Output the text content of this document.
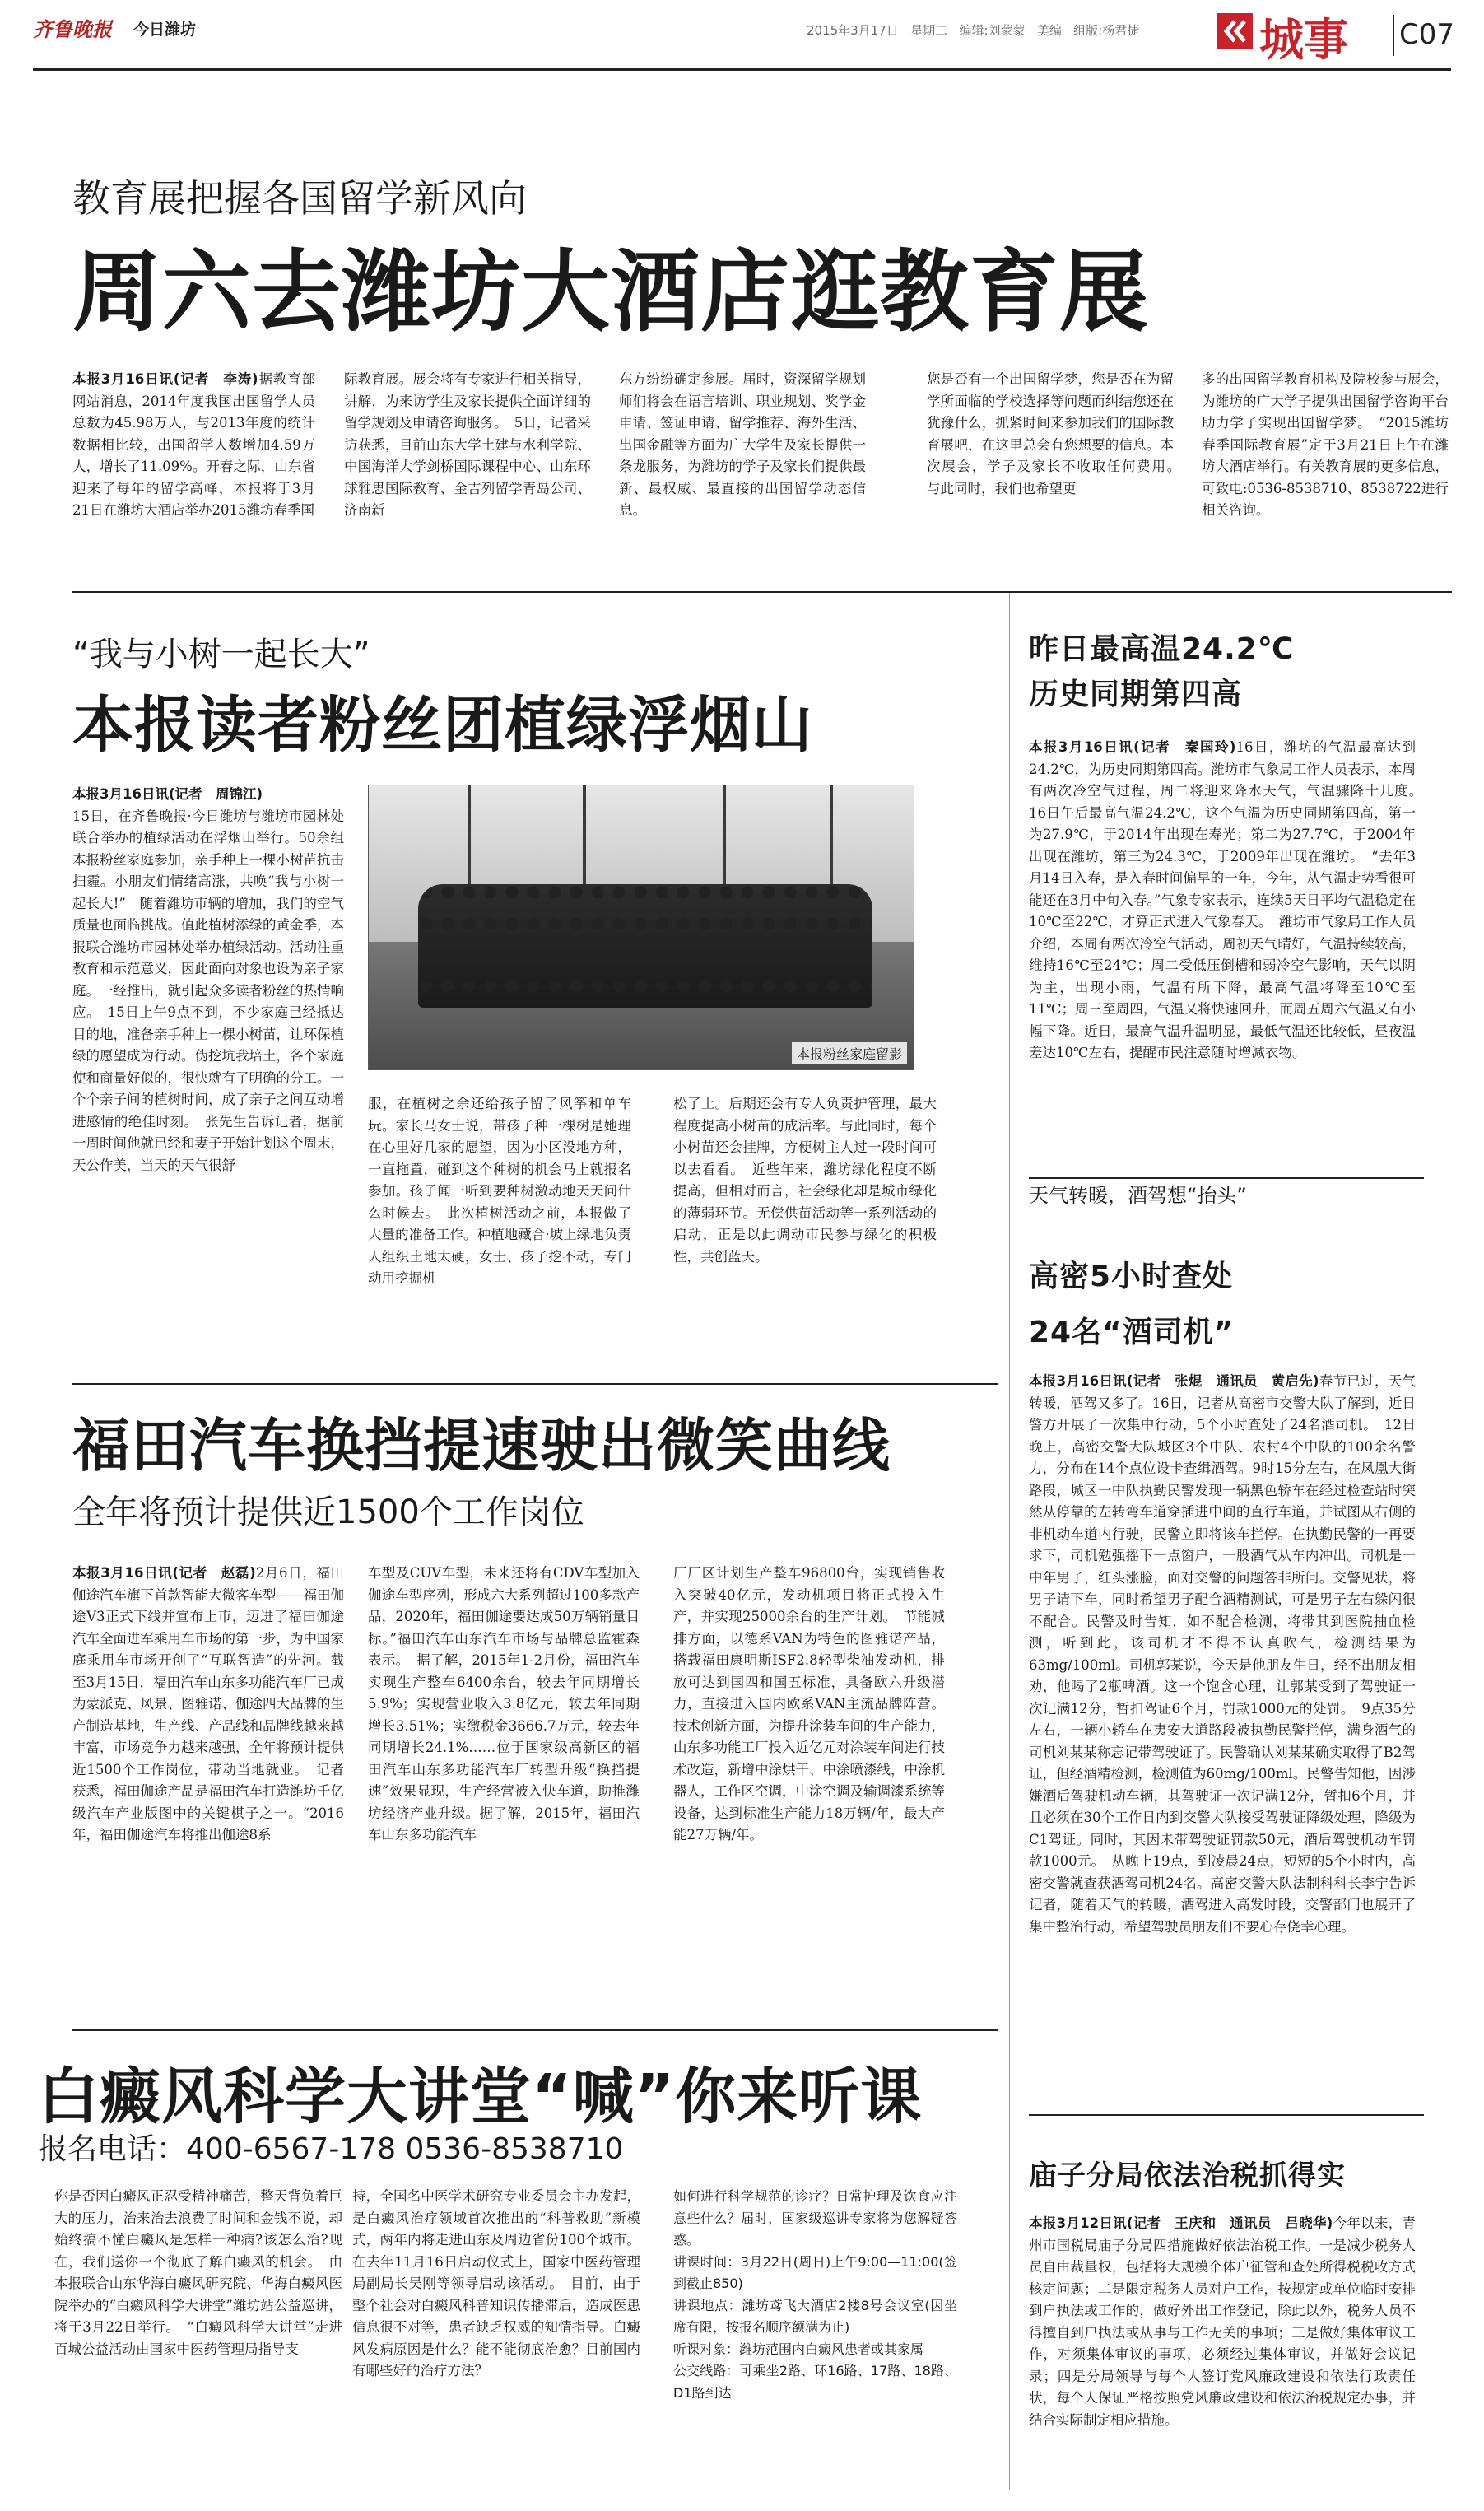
齐鲁晚报 今日潍坊	2015年3月17日 星期二 编辑:刘蒙蒙 美编 组版:杨君捷	城事 C07
教育展把握各国留学新风向
周六去潍坊大酒店逛教育展
本报3月16日讯(记者　李涛)据教育部网站消息，2014年度我国出国留学人员总数为45.98万人，与2013年度的统计数据相比较，出国留学人数增加4.59万人，增长了11.09%。开春之际，山东省迎来了每年的留学高峰，本报将于3月21日在潍坊大酒店举办2015潍坊春季国
际教育展。展会将有专家进行相关指导，讲解，为来访学生及家长提供全面详细的留学规划及申请咨询服务。　5日，记者采访获悉，目前山东大学土建与水利学院、中国海洋大学剑桥国际课程中心、山东环球雅思国际教育、金吉列留学青岛公司、济南新
东方纷纷确定参展。届时，资深留学规划师们将会在语言培训、职业规划、奖学金申请、签证申请、留学推荐、海外生活、出国金融等方面为广大学生及家长提供一条龙服务，为潍坊的学子及家长们提供最新、最权威、最直接的出国留学动态信息。
您是否有一个出国留学梦，您是否在为留学所面临的学校选择等问题而纠结您还在犹豫什么，抓紧时间来参加我们的国际教育展吧，在这里总会有您想要的信息。本次展会，学子及家长不收取任何费用。　与此同时，我们也希望更
多的出国留学教育机构及院校参与展会，为潍坊的广大学子提供出国留学咨询平台助力学子实现出国留学梦。　“2015潍坊春季国际教育展”定于3月21日上午在潍坊大酒店举行。有关教育展的更多信息，可致电:0536-8538710、8538722进行相关咨询。
“我与小树一起长大”
本报读者粉丝团植绿浮烟山
本报粉丝家庭留影
本报3月16日讯(记者　周锦江)
15日，在齐鲁晚报·今日潍坊与潍坊市园林处联合举办的植绿活动在浮烟山举行。50余组本报粉丝家庭参加，亲手种上一棵小树苗抗击扫霾。小朋友们情绪高涨，共唤“我与小树一起长大!”　随着潍坊市辆的增加，我们的空气质量也面临挑战。值此植树添绿的黄金季，本报联合潍坊市园林处举办植绿活动。活动注重教育和示范意义，因此面向对象也设为亲子家庭。一经推出，就引起众多读者粉丝的热情响应。　15日上午9点不到，不少家庭已经抵达目的地，准备亲手种上一棵小树苗，让环保植绿的愿望成为行动。伪挖坑我培土，各个家庭使和商量好似的，很快就有了明确的分工。一个个亲子间的植树时间，成了亲子之间互动增进感情的绝佳时刻。　张先生告诉记者，据前一周时间他就已经和妻子开始计划这个周末，天公作美，当天的天气很舒
服，在植树之余还给孩子留了风筝和单车玩。家长马女士说，带孩子种一棵树是她理在心里好几家的愿望，因为小区没地方种，一直拖置，碰到这个种树的机会马上就报名参加。孩子闻一听到要种树激动地天天问什么时候去。　此次植树活动之前，本报做了大量的准备工作。种植地藏合·坡上绿地负责人组织土地太硬，女士、孩子挖不动，专门动用挖掘机
松了土。后期还会有专人负责护管理，最大程度提高小树苗的成活率。与此同时，每个小树苗还会挂牌，方便树主人过一段时间可以去看看。　近些年来，潍坊绿化程度不断提高，但相对而言，社会绿化却是城市绿化的薄弱环节。无偿供苗活动等一系列活动的启动，正是以此调动市民参与绿化的积极性，共创蓝天。
福田汽车换挡提速驶出微笑曲线
全年将预计提供近1500个工作岗位
本报3月16日讯(记者　赵磊)2月6日，福田伽途汽车旗下首款智能大微客车型——福田伽途V3正式下线并宣布上市，迈进了福田伽途汽车全面进军乘用车市场的第一步，为中国家庭乘用车市场开创了“互联智造”的先河。截至3月15日，福田汽车山东多功能汽车厂已成为蒙派克、风景、图雅诺、伽途四大品牌的生产制造基地，生产线、产品线和品牌线越来越丰富，市场竞争力越来越强，全年将预计提供近1500个工作岗位，带动当地就业。　记者获悉，福田伽途产品是福田汽车打造潍坊千亿级汽车产业版图中的关键棋子之一。“2016年，福田伽途汽车将推出伽途8系
车型及CUV车型，未来还将有CDV车型加入伽途车型序列，形成六大系列超过100多款产品，2020年，福田伽途要达成50万辆销量目标。”福田汽车山东汽车市场与品牌总监霍森表示。　据了解，2015年1-2月份，福田汽车实现生产整车6400余台，较去年同期增长5.9%；实现营业收入3.8亿元，较去年同期增长3.51%；实缴税金3666.7万元，较去年同期增长24.1%……位于国家级高新区的福田汽车山东多功能汽车厂转型升级“换挡提速”效果显现，生产经营被入快车道，助推潍坊经济产业升级。据了解，2015年，福田汽车山东多功能汽车
厂厂区计划生产整车96800台，实现销售收入突破40亿元，发动机项目将正式投入生产，并实现25000余台的生产计划。　节能减排方面，以德系VAN为特色的图雅诺产品，搭载福田康明斯ISF2.8轻型柴油发动机，排放可达到国四和国五标准，具备欧六升级潜力，直接进入国内欧系VAN主流品牌阵营。技术创新方面，为提升涂装车间的生产能力，山东多功能工厂投入近亿元对涂装车间进行技术改造，新增中涂烘干、中涂喷漆线，中涂机器人，工作区空调，中涂空调及输调漆系统等设备，达到标准生产能力18万辆/年，最大产能27万辆/年。
白癜风科学大讲堂“喊”你来听课
报名电话：400-6567-178 0536-8538710
你是否因白癜风正忍受精神痛苦，整天背负着巨大的压力，治来治去浪费了时间和金钱不说，却始终搞不懂白癜风是怎样一种病?该怎么治?现在，我们送你一个彻底了解白癜风的机会。　由本报联合山东华海白癜风研究院、华海白癜风医院举办的“白癜风科学大讲堂”潍坊站公益巡讲，将于3月22日举行。　“白癜风科学大讲堂”走进百城公益活动由国家中医药管理局指导支
持，全国名中医学术研究专业委员会主办发起，是白癜风治疗领域首次推出的“科普救助”新模式，两年内将走进山东及周边省份100个城市。在去年11月16日启动仪式上，国家中医药管理局副局长吴刚等领导启动该活动。　目前，由于整个社会对白癜风科普知识传播滞后，造成医患信息很不对等，患者缺乏权威的知情指导。白癜风发病原因是什么？能不能彻底治愈？目前国内有哪些好的治疗方法？
如何进行科学规范的诊疗？日常护理及饮食应注意些什么？届时，国家级巡讲专家将为您解疑答惑。
讲课时间：3月22日(周日)上午9:00—11:00(签到截止850)
讲课地点：潍坊鸢飞大酒店2楼8号会议室(因坐席有限，按报名顺序额满为止)
听课对象：潍坊范围内白癜风患者或其家属
公交线路：可乘坐2路、环16路、17路、18路、D1路到达
昨日最高温24.2℃
历史同期第四高
本报3月16日讯(记者　秦国玲)16日，潍坊的气温最高达到24.2℃，为历史同期第四高。潍坊市气象局工作人员表示，本周有两次冷空气过程，周二将迎来降水天气，气温骤降十几度。　16日午后最高气温24.2℃，这个气温为历史同期第四高，第一为27.9℃，于2014年出现在寿光；第二为27.7℃，于2004年出现在潍坊，第三为24.3℃，于2009年出现在潍坊。　“去年3月14日入春，是入春时间偏早的一年，今年，从气温走势看很可能还在3月中旬入春。”气象专家表示，连续5天日平均气温稳定在10℃至22℃，才算正式进入气象春天。　潍坊市气象局工作人员介绍，本周有两次冷空气活动，周初天气晴好，气温持续较高，维持16℃至24℃；周二受低压倒槽和弱冷空气影响，天气以阴为主，出现小雨，气温有所下降，最高气温将降至10℃至11℃；周三至周四，气温又将快速回升，而周五周六气温又有小幅下降。近日，最高气温升温明显，最低气温还比较低，昼夜温差达10℃左右，提醒市民注意随时增减衣物。
天气转暖，酒驾想“抬头”
高密5小时查处
24名“酒司机”
本报3月16日讯(记者　张焜　通讯员　黄启先)春节已过，天气转暖，酒驾又多了。16日，记者从高密市交警大队了解到，近日警方开展了一次集中行动，5个小时查处了24名酒司机。　12日晚上，高密交警大队城区3个中队、农村4个中队的100余名警力，分布在14个点位设卡查缉酒驾。9时15分左右，在凤凰大街路段，城区一中队执勤民警发现一辆黑色轿车在经过检查站时突然从停靠的左转弯车道穿插进中间的直行车道，并试图从右侧的非机动车道内行驶，民警立即将该车拦停。在执勤民警的一再要求下，司机勉强摇下一点窗户，一股酒气从车内冲出。司机是一中年男子，红头涨脸，面对交警的问题答非所问。交警见状，将男子请下车，同时希望男子配合酒精测试，可是男子左右躲闪很不配合。民警及时告知，如不配合检测，将带其到医院抽血检测，听到此，该司机才不得不认真吹气，检测结果为63mg/100ml。司机郭某说，今天是他朋友生日，经不出朋友相劝，他喝了2瓶啤酒。这一个饱含心理，让郭某受到了驾驶证一次记满12分，暂扣驾证6个月，罚款1000元的处罚。　9点35分左右，一辆小轿车在夷安大道路段被执勤民警拦停，满身酒气的司机刘某某称忘记带驾驶证了。民警确认刘某某确实取得了B2驾证，但经酒精检测，检测值为60mg/100ml。民警告知他，因涉嫌酒后驾驶机动车辆，其驾驶证一次记满12分，暂扣6个月，并且必须在30个工作日内到交警大队接受驾驶证降级处理，降级为C1驾证。同时，其因未带驾驶证罚款50元，酒后驾驶机动车罚款1000元。　从晚上19点，到凌晨24点，短短的5个小时内，高密交警就查获酒驾司机24名。高密交警大队法制科科长李宁告诉记者，随着天气的转暖，酒驾进入高发时段，交警部门也展开了集中整治行动，希望驾驶员朋友们不要心存侥幸心理。
庙子分局依法治税抓得实
本报3月12日讯(记者　王庆和　通讯员　吕晓华)今年以来，青州市国税局庙子分局四措施做好依法治税工作。一是减少税务人员自由裁量权，包括将大规模个体户征管和查处所得税税收方式核定问题；二是限定税务人员对户工作，按规定或单位临时安排到户执法或工作的，做好外出工作登记，除此以外，税务人员不得擅自到户执法或从事与工作无关的事项；三是做好集体审议工作，对须集体审议的事项，必须经过集体审议，并做好会议记录；四是分局领导与每个人签订党风廉政建设和依法行政责任状，每个人保证严格按照党风廉政建设和依法治税规定办事，并结合实际制定相应措施。
